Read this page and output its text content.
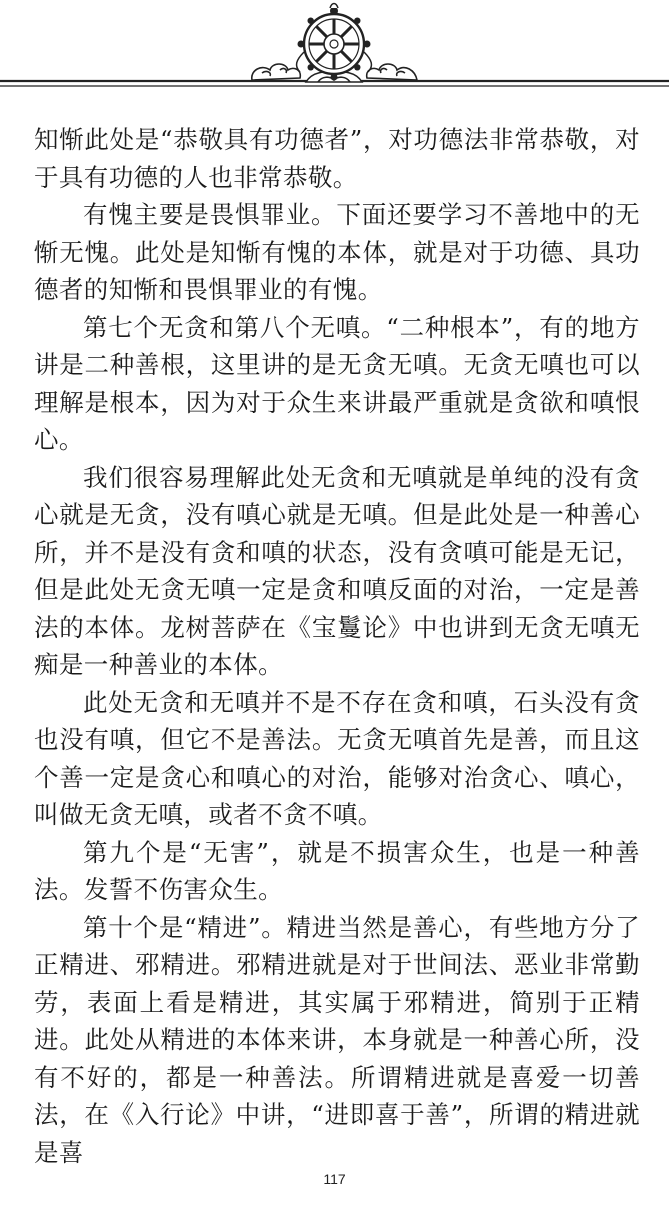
知惭此处是“恭敬具有功德者”，对功德法非常恭敬，对于具有功德的人也非常恭敬。

有愧主要是畏惧罪业。下面还要学习不善地中的无惭无愧。此处是知惭有愧的本体，就是对于功德、具功德者的知惭和畏惧罪业的有愧。

第七个无贪和第八个无嗔。“二种根本”，有的地方讲是二种善根，这里讲的是无贪无嗔。无贪无嗔也可以理解是根本，因为对于众生来讲最严重就是贪欲和嗔恨心。

我们很容易理解此处无贪和无嗔就是单纯的没有贪心就是无贪，没有嗔心就是无嗔。但是此处是一种善心所，并不是没有贪和嗔的状态，没有贪嗔可能是无记，但是此处无贪无嗔一定是贪和嗔反面的对治，一定是善法的本体。龙树菩萨在《宝鬘论》中也讲到无贪无嗔无痴是一种善业的本体。

此处无贪和无嗔并不是不存在贪和嗔，石头没有贪也没有嗔，但它不是善法。无贪无嗔首先是善，而且这个善一定是贪心和嗔心的对治，能够对治贪心、嗔心，叫做无贪无嗔，或者不贪不嗔。

第九个是“无害”，就是不损害众生，也是一种善法。发誓不伤害众生。

第十个是“精进”。精进当然是善心，有些地方分了正精进、邪精进。邪精进就是对于世间法、恶业非常勤劳，表面上看是精进，其实属于邪精进，简别于正精进。此处从精进的本体来讲，本身就是一种善心所，没有不好的，都是一种善法。所谓精进就是喜爱一切善法，在《入行论》中讲，“进即喜于善”，所谓的精进就是喜

117
